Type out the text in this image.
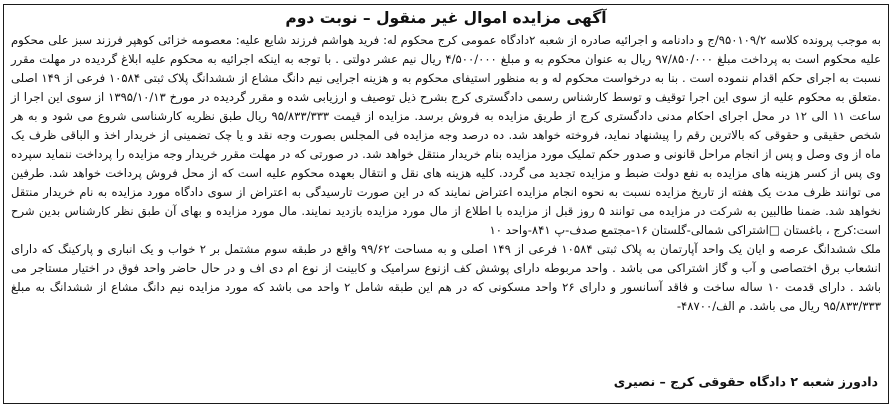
آگهی مزایده اموال غیر منقول – نوبت دوم

به موجب پرونده کلاسه ۹۵۰۱۰۹/۲/ج و دادنامه و اجرائیه صادره از شعبه ۲دادگاه عمومی کرج محکوم له: فرید هواشم فرزند شایع علیه: معصومه خزائی کوهپر فرزند سبز علی محکوم علیه محکوم است به پرداخت مبلغ ۹۷/۸۵۰/۰۰۰ ریال به عنوان محکوم به و مبلغ ۴/۵۰۰/۰۰۰ ریال نیم عشر دولتی . با توجه به اینکه اجرائیه به محکوم علیه ابلاغ گردیده در مهلت مقرر نسبت به اجرای حکم اقدام ننموده است . بنا به درخواست محکوم له و به منظور استیفای محکوم به و هزینه اجرایی نیم دانگ مشاع از ششدانگ پلاک ثبتی ۱۰۵۸۴ فرعی از ۱۴۹ اصلی .متعلق به محکوم علیه از سوی این اجرا توقیف و توسط کارشناس رسمی دادگستری کرج بشرح ذیل توصیف و ارزیابی شده و مقرر گردیده در مورخ ۱۳۹۵/۱۰/۱۳ از سوی این اجرا از ساعت ۱۱ الی ۱۲ در محل اجرای احکام مدنی دادگستری کرج از طریق مزایده به فروش برسد. مزایده از قیمت ۹۵/۸۳۳/۳۳۳ ریال طبق نظریه کارشناسی شروع می شود و به هر شخص حقیقی و حقوقی که بالاترین رقم را پیشنهاد نماید، فروخته خواهد شد. ده درصد وجه مزایده فی المجلس بصورت وجه نقد و یا چک تضمینی از خریدار اخذ و الباقی ظرف یک ماه از وی وصل و پس از انجام مراحل قانونی و صدور حکم تملیک مورد مزایده بنام خریدار منتقل خواهد شد. در صورتی که در مهلت مقرر خریدار وجه مزایده را پرداخت ننماید سپرده وی پس از کسر هزینه های مزایده به نفع دولت ضبط و مزایده تجدید می گردد. کلیه هزینه های نقل و انتقال بعهده محکوم علیه است که از محل فروش پرداخت خواهد شد. طرفین می توانند ظرف مدت یک هفته از تاریخ مزایده نسبت به نحوه انجام مزایده اعتراض نمایند که در این صورت تارسیدگی به اعتراض از سوی دادگاه مورد مزایده به نام خریدار منتقل نخواهد شد. ضمنا طالبین به شرکت در مزایده می توانند ۵ روز قبل از مزایده با اطلاع از مال مورد مزایده بازدید نمایند. مال مورد مزایده و بهای آن طبق نظر کارشناس بدین شرح است:کرج ، باغستان □اشتراکی شمالی-گلستان ۱۶-مجتمع صدف-پ ۸۴۱-واحد ۱۰

ملک ششدانگ عرصه و ایان یک واحد آپارتمان به پلاک ثبتی ۱۰۵۸۴ فرعی از ۱۴۹ اصلی و به مساحت ۹۹/۶۲ واقع در طبقه سوم مشتمل بر ۲ خواب و یک انباری و پارکینگ که دارای انشعاب برق اختصاصی و آب و گاز اشتراکی می باشد . واحد مربوطه دارای پوشش کف ازنوع سرامیک و کابینت از نوع ام دی اف و در حال حاضر واحد فوق در اختیار مستاجر می باشد . دارای قدمت ۱۰ ساله ساخت و فاقد آسانسور و دارای ۲۶ واحد مسکونی که در هم این طبقه شامل ۲ واحد می باشد که مورد مزایده نیم دانگ مشاع از ششدانگ به مبلغ ۹۵/۸۳۳/۳۳۳ ریال می باشد. م الف/۴۸۷۰۰-

دادورز شعبه ۲ دادگاه حقوقی کرج – نصیری
